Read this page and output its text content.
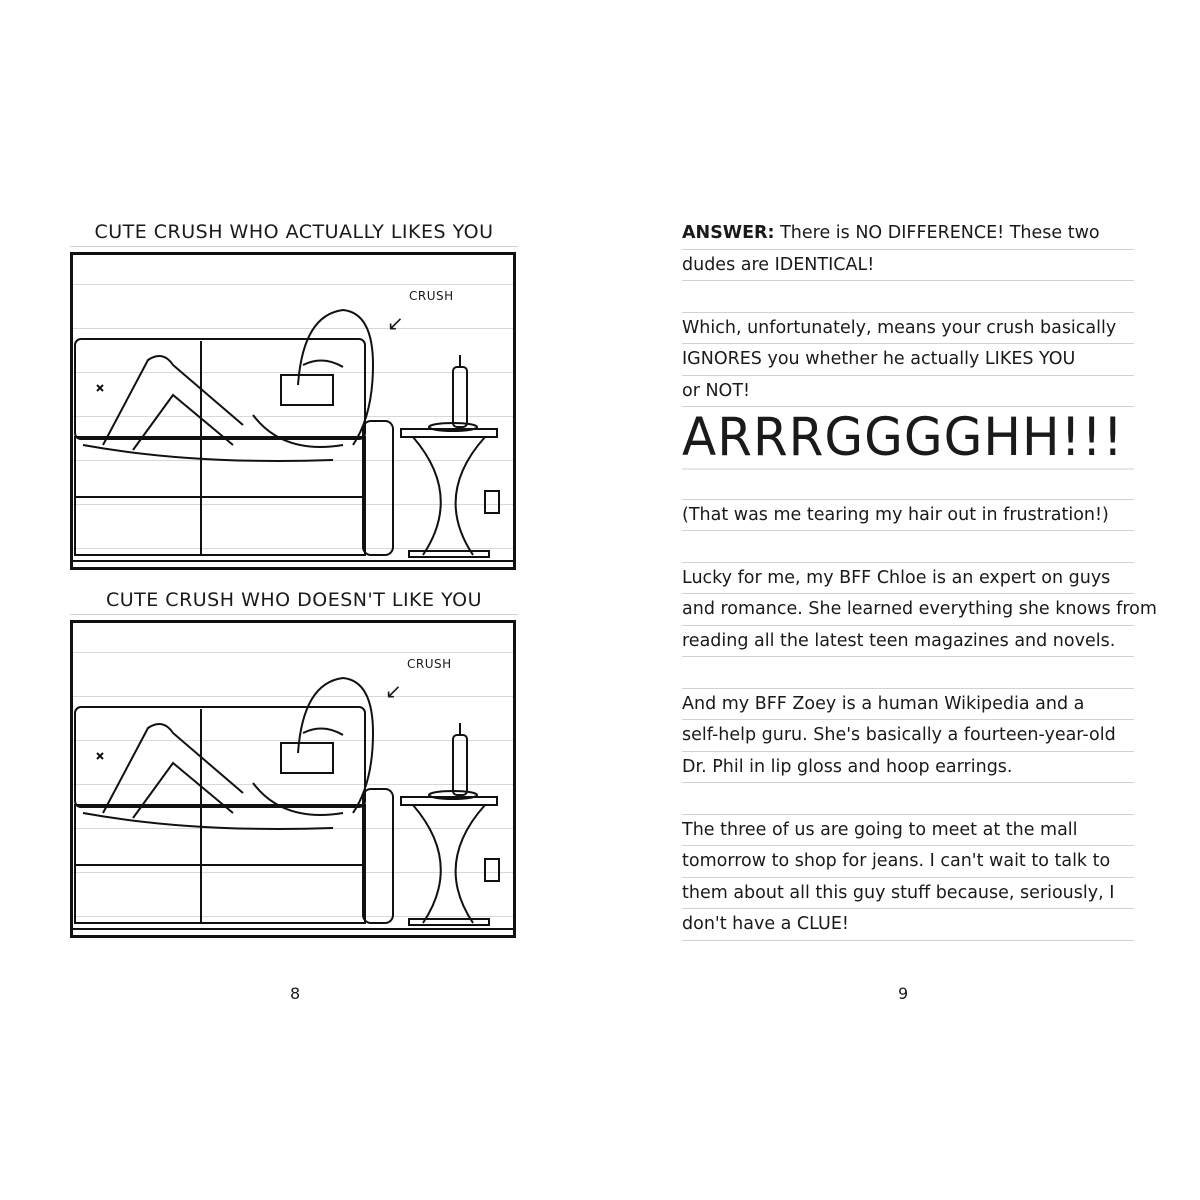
CUTE CRUSH WHO ACTUALLY LIKES YOU
CRUSH
↙
CUTE CRUSH WHO DOESN'T LIKE YOU
CRUSH
↙
8
ANSWER: There is NO DIFFERENCE! These two
dudes are IDENTICAL!
Which, unfortunately, means your crush basically
IGNORES you whether he actually LIKES YOU
or NOT!
ARRRGGGGHH!!!
(That was me tearing my hair out in frustration!)
Lucky for me, my BFF Chloe is an expert on guys
and romance. She learned everything she knows from
reading all the latest teen magazines and novels.
And my BFF Zoey is a human Wikipedia and a
self-help guru. She's basically a fourteen-year-old
Dr. Phil in lip gloss and hoop earrings.
The three of us are going to meet at the mall
tomorrow to shop for jeans. I can't wait to talk to
them about all this guy stuff because, seriously, I
don't have a CLUE!
9
